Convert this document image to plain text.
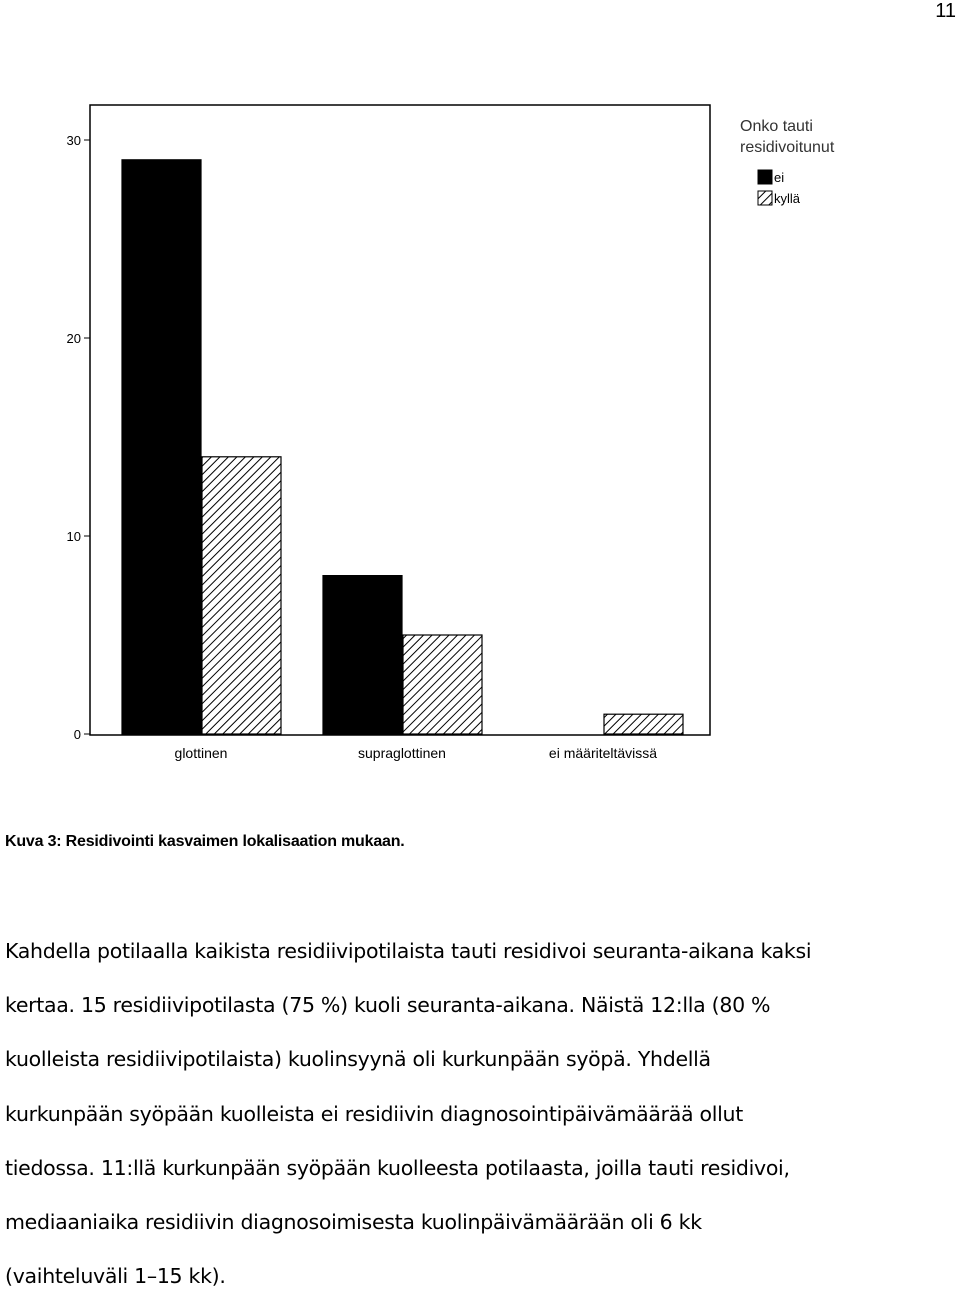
11
0
10
20
30
glottinen	supraglottinen	ei määriteltävissä
Onko tauti
residivoitunut
ei
kyllä
Kuva 3: Residivointi kasvaimen lokalisaation mukaan.
Kahdella potilaalla kaikista residiivipotilaista tauti residivoi seuranta-aikana kaksi
kertaa. 15 residiivipotilasta (75 %) kuoli seuranta-aikana. Näistä 12:lla (80 %
kuolleista residiivipotilaista) kuolinsyynä oli kurkunpään syöpä. Yhdellä
kurkunpään syöpään kuolleista ei residiivin diagnosointipäivämäärää ollut
tiedossa. 11:llä kurkunpään syöpään kuolleesta potilaasta, joilla tauti residivoi,
mediaaniaika residiivin diagnosoimisesta kuolinpäivämäärään oli 6 kk
(vaihteluväli 1–15 kk).
